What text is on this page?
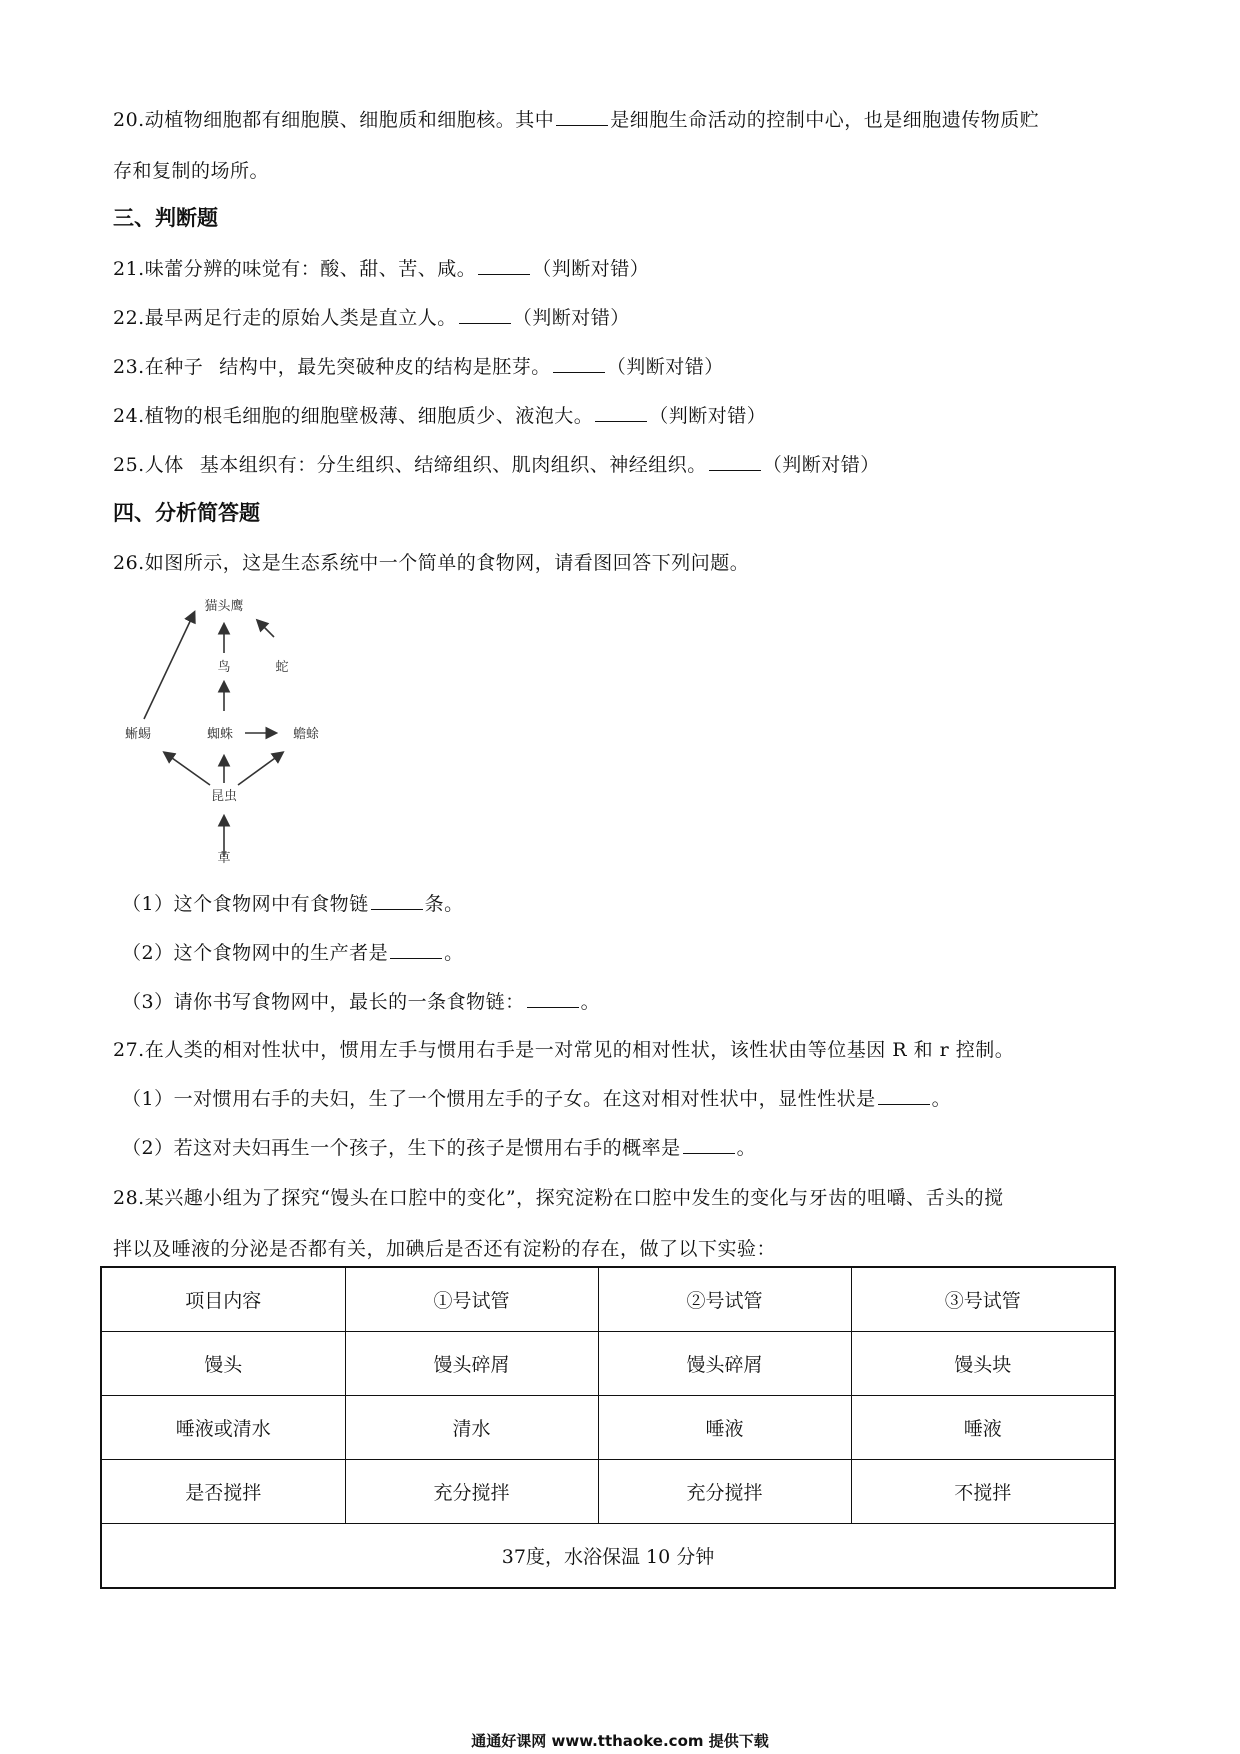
20.动植物细胞都有细胞膜、细胞质和细胞核。其中	是细胞生命活动的控制中心，也是细胞遗传物质贮
存和复制的场所。
三、判断题
21.味蕾分辨的味觉有：酸、甜、苦、咸。	（判断对错）
22.最早两足行走的原始人类是直立人。	（判断对错）
23.在种子 结构中，最先突破种皮的结构是胚芽。	（判断对错）
24.植物的根毛细胞的细胞壁极薄、细胞质少、液泡大。	（判断对错）
25.人体 基本组织有：分生组织、结缔组织、肌肉组织、神经组织。	（判断对错）
四、分析简答题
26.如图所示，这是生态系统中一个简单的食物网，请看图回答下列问题。
猫头鹰
鸟	蛇
蜥蜴	蜘蛛	蟾蜍
昆虫
草
（1）这个食物网中有食物链	条。
（2）这个食物网中的生产者是	。
（3）请你书写食物网中，最长的一条食物链：	。
27.在人类的相对性状中，惯用左手与惯用右手是一对常见的相对性状，该性状由等位基因 R 和 r 控制。
（1）一对惯用右手的夫妇，生了一个惯用左手的子女。在这对相对性状中，显性性状是	。
（2）若这对夫妇再生一个孩子，生下的孩子是惯用右手的概率是	。
28.某兴趣小组为了探究“馒头在口腔中的变化”，探究淀粉在口腔中发生的变化与牙齿的咀嚼、舌头的搅
拌以及唾液的分泌是否都有关，加碘后是否还有淀粉的存在，做了以下实验：
项目内容	①号试管	②号试管	③号试管
馒头	馒头碎屑	馒头碎屑	馒头块
唾液或清水	清水	唾液	唾液
是否搅拌	充分搅拌	充分搅拌	不搅拌
37度，水浴保温 10 分钟			
通通好课网 www.tthaoke.com 提供下载
